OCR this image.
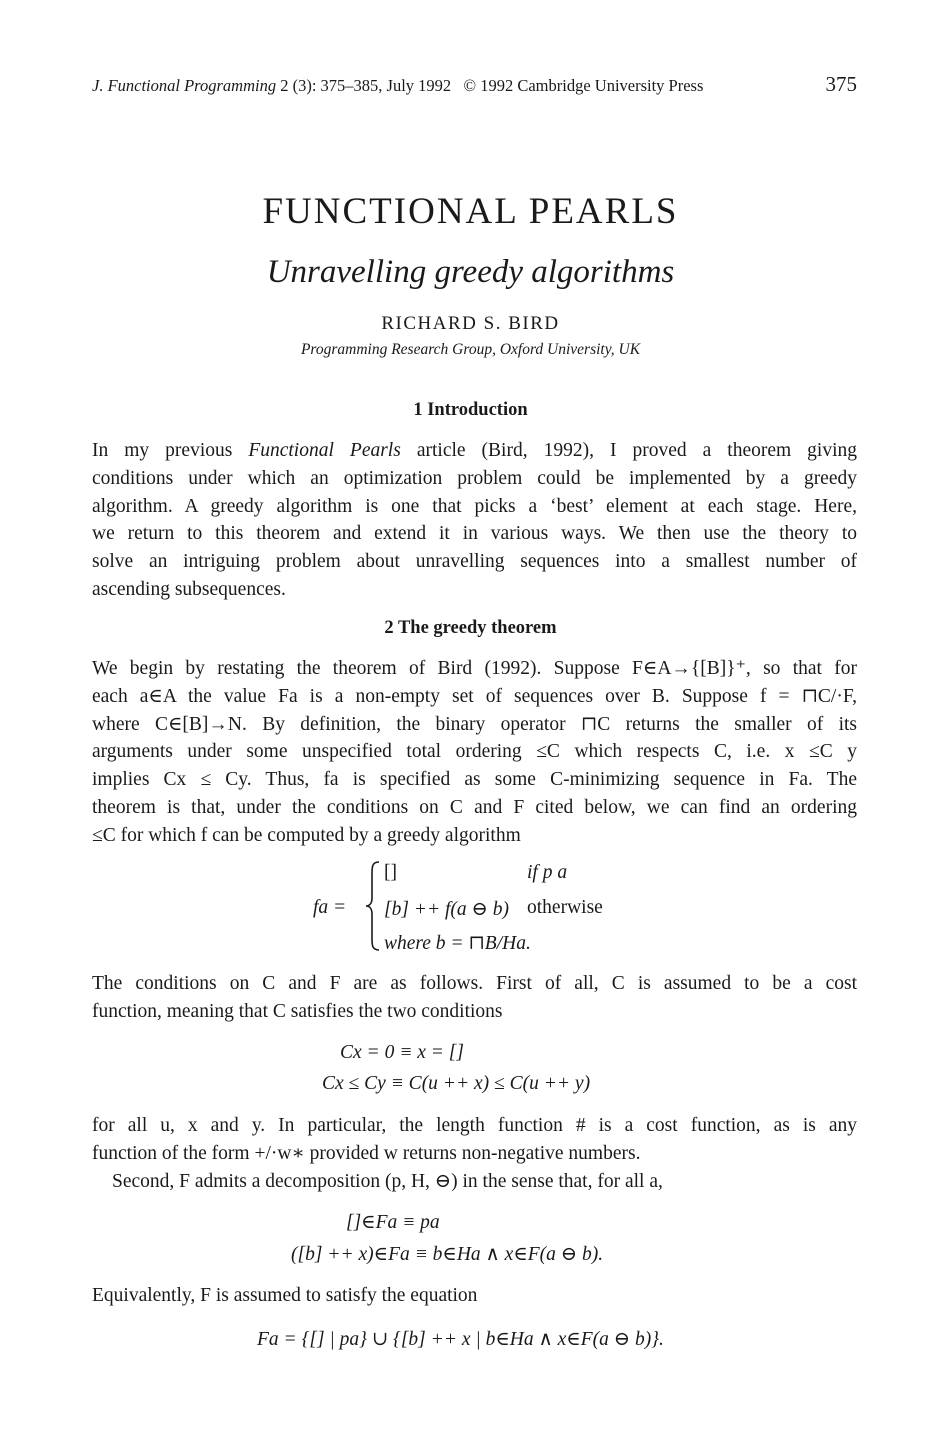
J. Functional Programming 2 (3): 375–385, July 1992 © 1992 Cambridge University Press	375
FUNCTIONAL PEARLS
Unravelling greedy algorithms
RICHARD S. BIRD
Programming Research Group, Oxford University, UK
1 Introduction
In my previous Functional Pearls article (Bird, 1992), I proved a theorem giving
conditions under which an optimization problem could be implemented by a greedy
algorithm. A greedy algorithm is one that picks a ‘best’ element at each stage. Here,
we return to this theorem and extend it in various ways. We then use the theory to
solve an intriguing problem about unravelling sequences into a smallest number of
ascending subsequences.
2 The greedy theorem
We begin by restating the theorem of Bird (1992). Suppose F∈A→{[B]}⁺, so that for
each a∈A the value Fa is a non-empty set of sequences over B. Suppose f = ⊓C/·F,
where C∈[B]→N. By definition, the binary operator ⊓C returns the smaller of its
arguments under some unspecified total ordering ≤C which respects C, i.e. x ≤C y
implies Cx ≤ Cy. Thus, fa is specified as some C-minimizing sequence in Fa. The
theorem is that, under the conditions on C and F cited below, we can find an ordering
≤C for which f can be computed by a greedy algorithm
fa =
[]	if p a
[b] ++ f(a ⊖ b) otherwise
where b = ⊓B/Ha.
The conditions on C and F are as follows. First of all, C is assumed to be a cost
function, meaning that C satisfies the two conditions
Cx = 0 ≡ x = []
Cx ≤ Cy ≡ C(u ++ x) ≤ C(u ++ y)
for all u, x and y. In particular, the length function # is a cost function, as is any
function of the form +/·w∗ provided w returns non-negative numbers.
Second, F admits a decomposition (p, H, ⊖) in the sense that, for all a,
[]∈Fa ≡ pa
([b] ++ x)∈Fa ≡ b∈Ha ∧ x∈F(a ⊖ b).
Equivalently, F is assumed to satisfy the equation
Fa = {[] | pa} ∪ {[b] ++ x | b∈Ha ∧ x∈F(a ⊖ b)}.
